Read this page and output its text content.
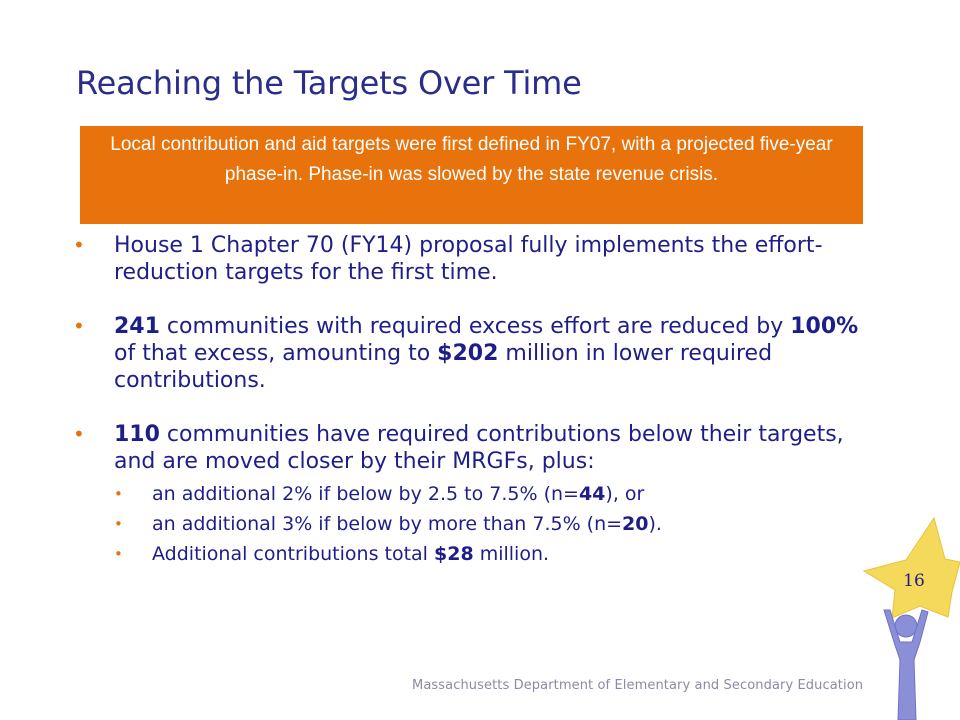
Reaching the Targets Over Time
Local contribution and aid targets were first defined in FY07, with a projected five-year phase-in. Phase-in was slowed by the state revenue crisis.
• House 1 Chapter 70 (FY14) proposal fully implements the effort-reduction targets for the first time.
• 241 communities with required excess effort are reduced by 100% of that excess, amounting to $202 million in lower required contributions.
• 110 communities have required contributions below their targets, and are moved closer by their MRGFs, plus:
• an additional 2% if below by 2.5 to 7.5% (n=44), or
• an additional 3% if below by more than 7.5% (n=20).
• Additional contributions total $28 million.
16
Massachusetts Department of Elementary and Secondary Education
